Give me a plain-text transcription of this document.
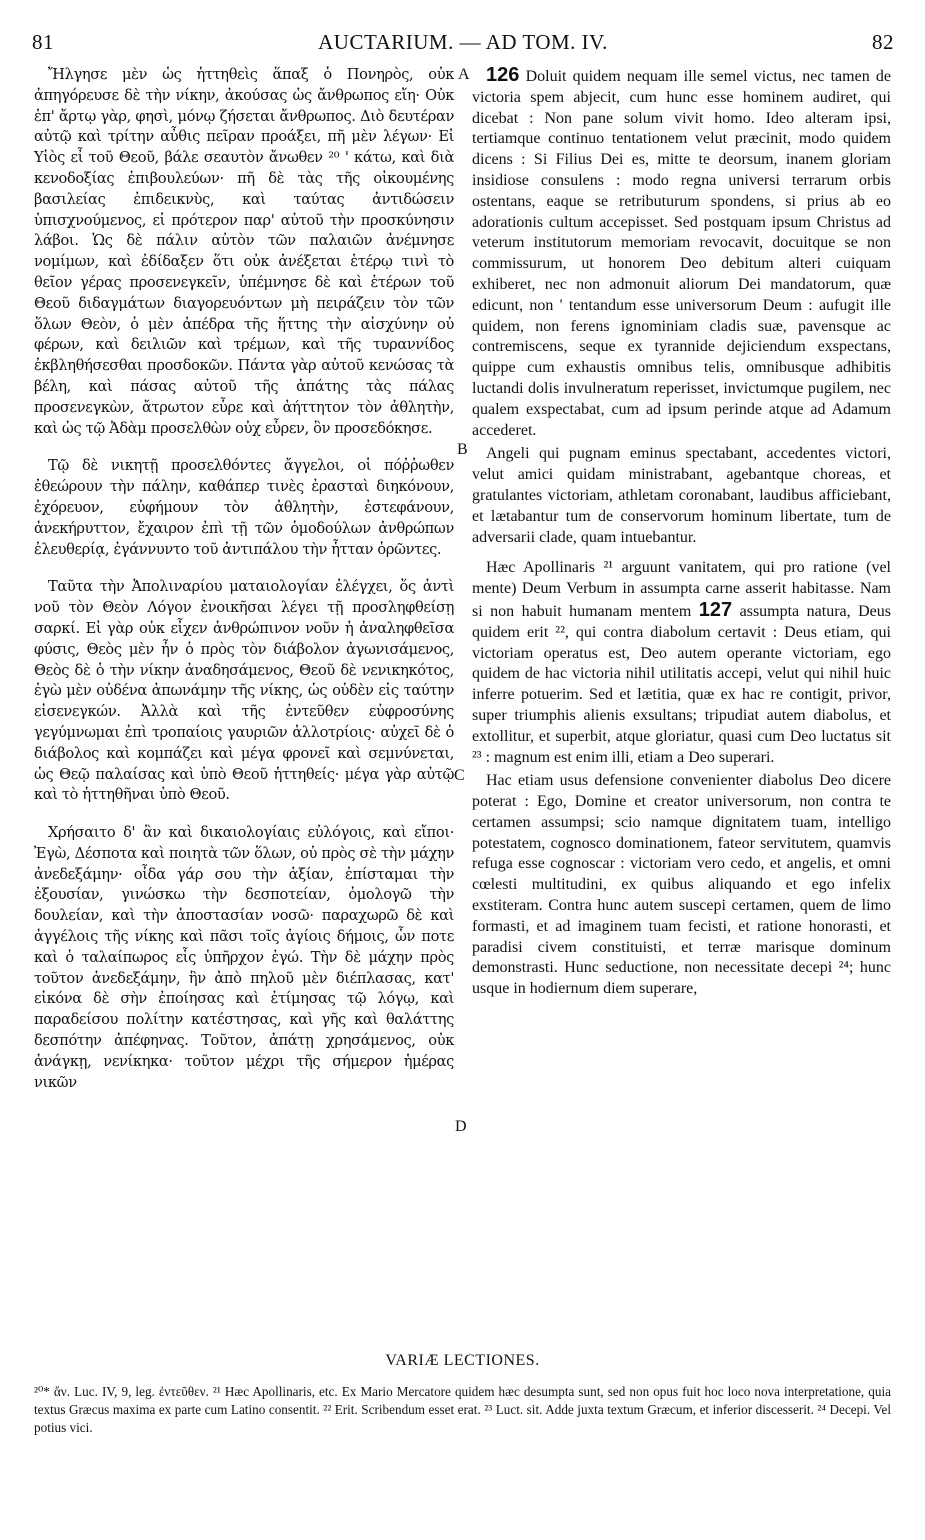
81	AUCTARIUM. — AD TOM. IV.	82
A
B
C
D

Ἤλγησε μὲν ὡς ἡττηθεὶς ἅπαξ ὁ Πονηρὸς, οὐκ ἀπηγόρευσε δὲ τὴν νίκην, ἀκούσας ὡς ἄνθρωπος εἴη· Οὐκ ἐπ' ἄρτῳ γὰρ, φησὶ, μόνῳ ζήσεται ἄνθρωπος. Διὸ δευτέραν αὐτῷ καὶ τρίτην αὖθις πεῖραν προάξει, πῆ μὲν λέγων· Εἰ Υἱὸς εἶ τοῦ Θεοῦ, βάλε σεαυτὸν ἄνωθεν ²⁰ ' κάτω, καὶ διὰ κενοδοξίας ἐπιβουλεύων· πῆ δὲ τὰς τῆς οἰκουμένης βασιλείας ἐπιδεικνὺς, καὶ ταύτας ἀντιδώσειν ὑπισχνούμενος, εἰ πρότερον παρ' αὐτοῦ τὴν προσκύνησιν λάβοι. Ὡς δὲ πάλιν αὐτὸν τῶν παλαιῶν ἀνέμνησε νομίμων, καὶ ἐδίδαξεν ὅτι οὐκ ἀνέξεται ἑτέρῳ τινὶ τὸ θεῖον γέρας προσενεγκεῖν, ὑπέμνησε δὲ καὶ ἑτέρων τοῦ Θεοῦ διδαγμάτων διαγορευόντων μὴ πειράζειν τὸν τῶν ὅλων Θεὸν, ὁ μὲν ἀπέδρα τῆς ἥττης τὴν αἰσχύνην οὐ φέρων, καὶ δειλιῶν καὶ τρέμων, καὶ τῆς τυραννίδος ἐκβληθήσεσθαι προσδοκῶν. Πάντα γὰρ αὐτοῦ κενώσας τὰ βέλη, καὶ πάσας αὐτοῦ τῆς ἀπάτης τὰς πάλας προσενεγκὼν, ἄτρωτον εὗρε καὶ ἀήττητον τὸν ἀθλητὴν, καὶ ὡς τῷ Ἀδὰμ προσελθὼν οὐχ εὗρεν, ὃν προσεδόκησε.

Τῷ δὲ νικητῇ προσελθόντες ἄγγελοι, οἱ πόῤῥωθεν ἐθεώρουν τὴν πάλην, καθάπερ τινὲς ἐρασταὶ διηκόνουν, ἐχόρευον, εὐφήμουν τὸν ἀθλητὴν, ἐστεφάνουν, ἀνεκήρυττον, ἔχαιρον ἐπὶ τῇ τῶν ὁμοδούλων ἀνθρώπων ἐλευθερίᾳ, ἐγάννυντο τοῦ ἀντιπάλου τὴν ἧτταν ὁρῶντες.

Ταῦτα τὴν Ἀπολιναρίου ματαιολογίαν ἐλέγχει, ὅς ἀντὶ νοῦ τὸν Θεὸν Λόγον ἐνοικῆσαι λέγει τῇ προσληφθείσῃ σαρκί. Εἰ γὰρ οὐκ εἶχεν ἀνθρώπινον νοῦν ἡ ἀναληφθεῖσα φύσις, Θεὸς μὲν ἦν ὁ πρὸς τὸν διάβολον ἀγωνισάμενος, Θεὸς δὲ ὁ τὴν νίκην ἀναδησάμενος, Θεοῦ δὲ νενικηκότος, ἐγὼ μὲν οὐδένα ἀπωνάμην τῆς νίκης, ὡς οὐδὲν εἰς ταύτην εἰσενεγκών. Ἀλλὰ καὶ τῆς ἐντεῦθεν εὐφροσύνης γεγύμνωμαι ἐπὶ τροπαίοις γαυριῶν ἀλλοτρίοις· αὐχεῖ δὲ ὁ διάβολος καὶ κομπάζει καὶ μέγα φρονεῖ καὶ σεμνύνεται, ὡς Θεῷ παλαίσας καὶ ὑπὸ Θεοῦ ἡττηθείς· μέγα γὰρ αὐτῷ καὶ τὸ ἡττηθῆναι ὑπὸ Θεοῦ.

Χρήσαιτο δ' ἂν καὶ δικαιολογίαις εὐλόγοις, καὶ εἴποι· Ἐγὼ, Δέσποτα καὶ ποιητὰ τῶν ὅλων, οὐ πρὸς σὲ τὴν μάχην ἀνεδεξάμην· οἶδα γάρ σου τὴν ἀξίαν, ἐπίσταμαι τὴν ἐξουσίαν, γινώσκω τὴν δεσποτείαν, ὁμολογῶ τὴν δουλείαν, καὶ τὴν ἀποστασίαν νοσῶ· παραχωρῶ δὲ καὶ ἀγγέλοις τῆς νίκης καὶ πᾶσι τοῖς ἁγίοις δήμοις, ὧν ποτε καὶ ὁ ταλαίπωρος εἷς ὑπῆρχον ἐγώ. Τὴν δὲ μάχην πρὸς τοῦτον ἀνεδεξάμην, ἣν ἀπὸ πηλοῦ μὲν διέπλασας, κατ' εἰκόνα δὲ σὴν ἐποίησας καὶ ἐτίμησας τῷ λόγῳ, καὶ παραδείσου πολίτην κατέστησας, καὶ γῆς καὶ θαλάττης δεσπότην ἀπέφηνας. Τοῦτον, ἀπάτῃ χρησάμενος, οὐκ ἀνάγκῃ, νενίκηκα· τοῦτον μέχρι τῆς σήμερον ἡμέρας νικῶν

126 Doluit quidem nequam ille semel victus, nec tamen de victoria spem abjecit, cum hunc esse hominem audiret, qui dicebat : Non pane solum vivit homo. Ideo alteram ipsi, tertiamque continuo tentationem velut præcinit, modo quidem dicens : Si Filius Dei es, mitte te deorsum, inanem gloriam insidiose consulens : modo regna universi terrarum orbis ostentans, eaque se retributurum spondens, si prius ab eo adorationis cultum accepisset. Sed postquam ipsum Christus ad veterum institutorum memoriam revocavit, docuitque se non commissurum, ut honorem Deo debitum alteri cuiquam exhiberet, nec non admonuit aliorum Dei mandatorum, quæ edicunt, non ' tentandum esse universorum Deum : aufugit ille quidem, non ferens ignominiam cladis suæ, pavensque ac contremiscens, seque ex tyrannide dejiciendum exspectans, quippe cum exhaustis omnibus telis, omnibusque adhibitis luctandi dolis invulneratum reperisset, invictumque pugilem, nec qualem exspectabat, cum ad ipsum perinde atque ad Adamum accederet.

Angeli qui pugnam eminus spectabant, accedentes victori, velut amici quidam ministrabant, agebantque choreas, et gratulantes victoriam, athletam coronabant, laudibus afficiebant, et lætabantur tum de conservorum hominum libertate, tum de adversarii clade, quam intuebantur.

Hæc Apollinaris ²¹ arguunt vanitatem, qui pro ratione (vel mente) Deum Verbum in assumpta carne asserit habitasse. Nam si non habuit humanam mentem 127 assumpta natura, Deus quidem erit ²², qui contra diabolum certavit : Deus etiam, qui victoriam operatus est, Deo autem operante victoriam, ego quidem de hac victoria nihil utilitatis accepi, velut qui nihil huic inferre potuerim. Sed et lætitia, quæ ex hac re contigit, privor, super triumphis alienis exsultans; tripudiat autem diabolus, et extollitur, et superbit, atque gloriatur, quasi cum Deo luctatus sit ²³ : magnum est enim illi, etiam a Deo superari.

Hac etiam usus defensione convenienter diabolus Deo dicere poterat : Ego, Domine et creator universorum, non contra te certamen assumpsi; scio namque dignitatem tuam, intelligo potestatem, cognosco dominationem, fateor servitutem, quamvis refuga esse cognoscar : victoriam vero cedo, et angelis, et omni cœlesti multitudini, ex quibus aliquando et ego infelix exstiteram. Contra hunc autem suscepi certamen, quem de limo formasti, et ad imaginem tuam fecisti, et ratione honorasti, et paradisi civem constituisti, et terræ marisque dominum demonstrasti. Hunc seductione, non necessitate decepi ²⁴; hunc usque in hodiernum diem superare,

VARIÆ LECTIONES.
²⁰* ἄν. Luc. IV, 9, leg. ἐντεῦθεν. ²¹ Hæc Apollinaris, etc. Ex Mario Mercatore quidem hæc desumpta sunt, sed non opus fuit hoc loco nova interpretatione, quia textus Græcus maxima ex parte cum Latino consentit. ²² Erit. Scribendum esset erat. ²³ Luct. sit. Adde juxta textum Græcum, et inferior discesserit. ²⁴ Decepi. Vel potius vici.
